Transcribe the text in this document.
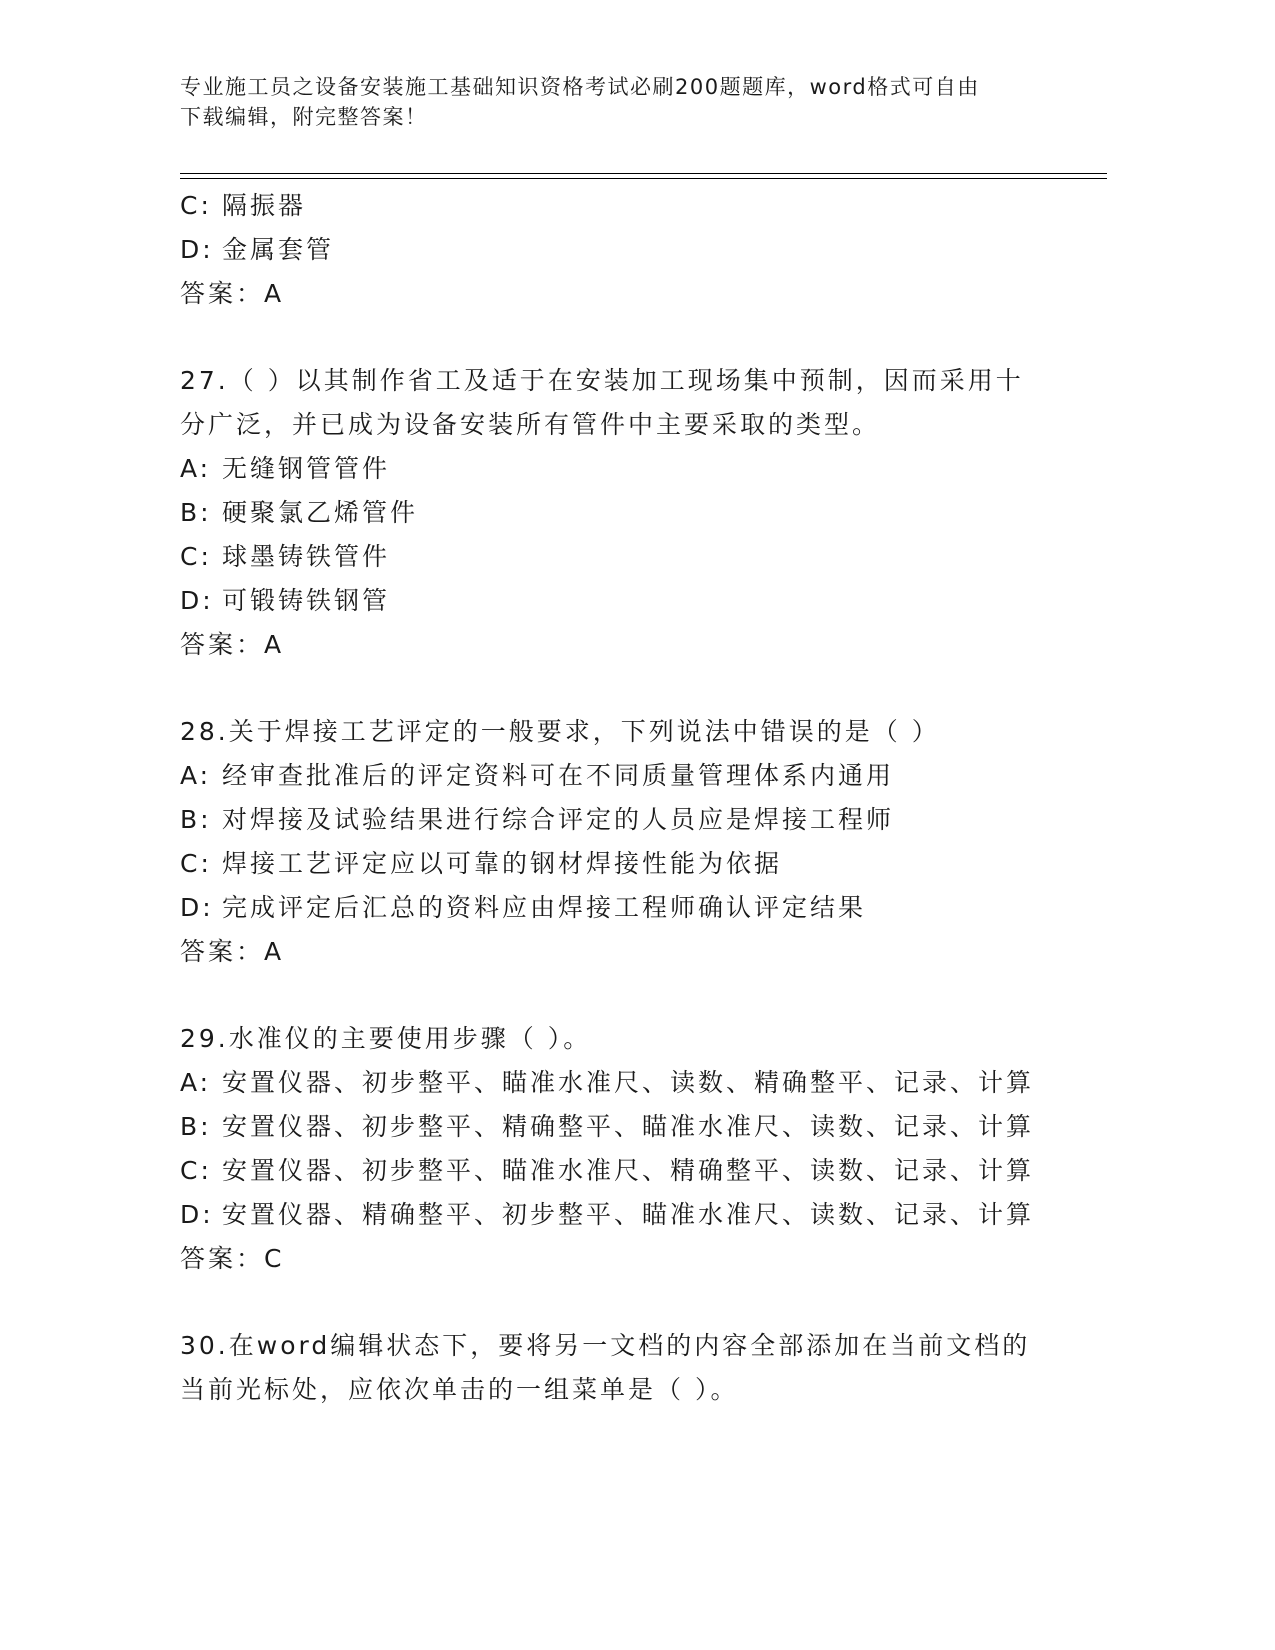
专业施工员之设备安装施工基础知识资格考试必刷200题题库，word格式可自由
下载编辑，附完整答案！
C: 隔振器
D: 金属套管
答案：A
27.（ ）以其制作省工及适于在安装加工现场集中预制，因而采用十
分广泛，并已成为设备安装所有管件中主要采取的类型。
A: 无缝钢管管件
B: 硬聚氯乙烯管件
C: 球墨铸铁管件
D: 可锻铸铁钢管
答案：A
28.关于焊接工艺评定的一般要求，下列说法中错误的是（ ）
A: 经审查批准后的评定资料可在不同质量管理体系内通用
B: 对焊接及试验结果进行综合评定的人员应是焊接工程师
C: 焊接工艺评定应以可靠的钢材焊接性能为依据
D: 完成评定后汇总的资料应由焊接工程师确认评定结果
答案：A
29.水准仪的主要使用步骤（ ）。
A: 安置仪器、初步整平、瞄准水准尺、读数、精确整平、记录、计算
B: 安置仪器、初步整平、精确整平、瞄准水准尺、读数、记录、计算
C: 安置仪器、初步整平、瞄准水准尺、精确整平、读数、记录、计算
D: 安置仪器、精确整平、初步整平、瞄准水准尺、读数、记录、计算
答案：C
30.在word编辑状态下，要将另一文档的内容全部添加在当前文档的
当前光标处，应依次单击的一组菜单是（ ）。
